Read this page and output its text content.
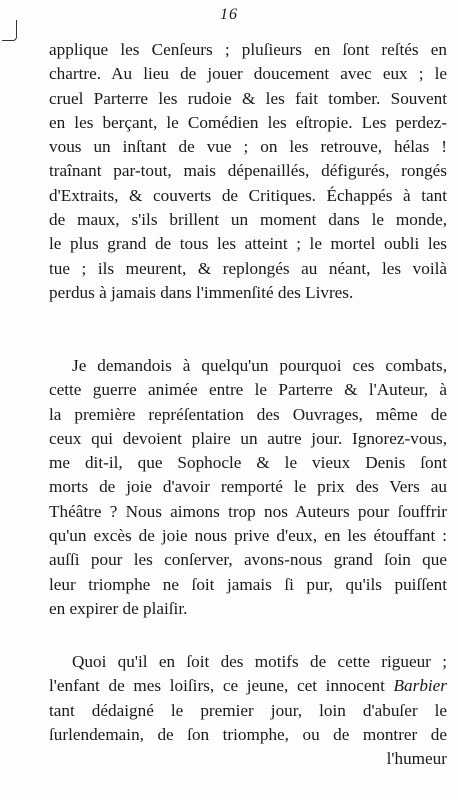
16
applique les Cenſeurs ; pluſieurs en ſont reſtés en
chartre. Au lieu de jouer doucement avec eux ; le
cruel Parterre les rudoie & les fait tomber. Souvent
en les berçant, le Comédien les eſtropie. Les perdez-
vous un inſtant de vue ; on les retrouve, hélas !
traînant par-tout, mais dépenaillés, défigurés, rongés
d'Extraits, & couverts de Critiques. Échappés à tant
de maux, s'ils brillent un moment dans le monde,
le plus grand de tous les atteint ; le mortel oubli les
tue ; ils meurent, & replongés au néant, les voilà
perdus à jamais dans l'immenſité des Livres.
Je demandois à quelqu'un pourquoi ces combats,
cette guerre animée entre le Parterre & l'Auteur, à
la première repréſentation des Ouvrages, même de
ceux qui devoient plaire un autre jour. Ignorez-vous,
me dit-il, que Sophocle & le vieux Denis ſont
morts de joie d'avoir remporté le prix des Vers au
Théâtre ? Nous aimons trop nos Auteurs pour ſouffrir
qu'un excès de joie nous prive d'eux, en les étouffant :
auſſi pour les conſerver, avons-nous grand ſoin que
leur triomphe ne ſoit jamais ſi pur, qu'ils puiſſent
en expirer de plaiſir.
Quoi qu'il en ſoit des motifs de cette rigueur ;
l'enfant de mes loiſirs, ce jeune, cet innocent Barbier
tant dédaigné le premier jour, loin d'abuſer le
ſurlendemain, de ſon triomphe, ou de montrer de
l'humeur
